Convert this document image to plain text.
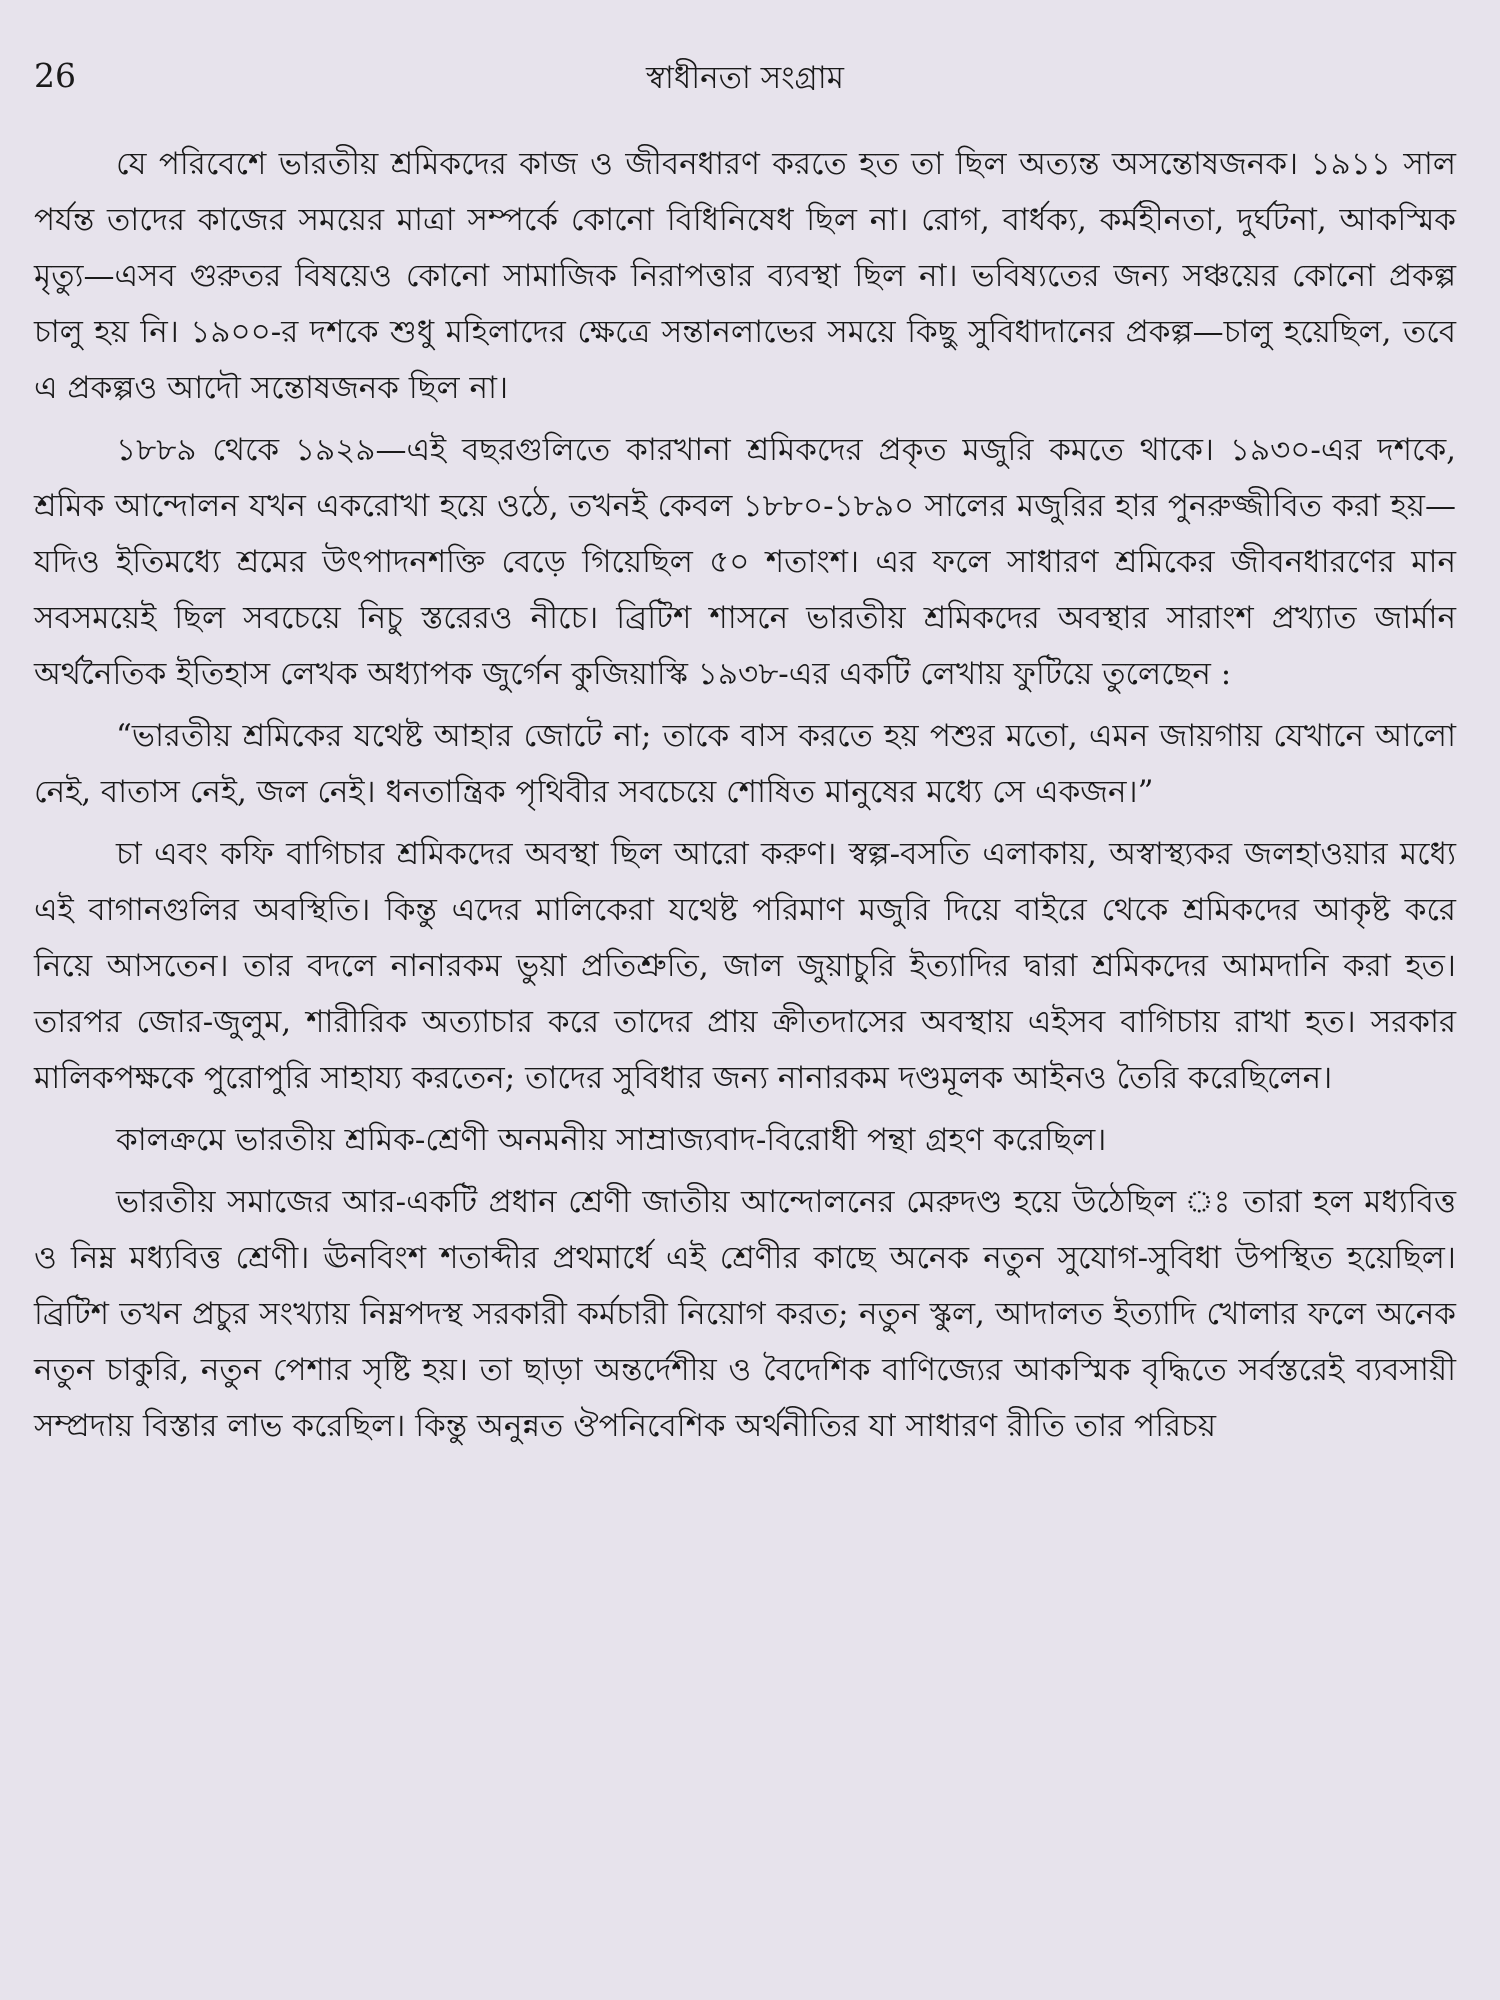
26	স্বাধীনতা সংগ্রাম

যে পরিবেশে ভারতীয় শ্রমিকদের কাজ ও জীবনধারণ করতে হত তা ছিল অত্যন্ত অসন্তোষজনক। ১৯১১ সাল পর্যন্ত তাদের কাজের সময়ের মাত্রা সম্পর্কে কোনো বিধিনিষেধ ছিল না। রোগ, বার্ধক্য, কর্মহীনতা, দুর্ঘটনা, আকস্মিক মৃত্যু—এসব গুরুতর বিষয়েও কোনো সামাজিক নিরাপত্তার ব্যবস্থা ছিল না। ভবিষ্যতের জন্য সঞ্চয়ের কোনো প্রকল্প চালু হয় নি। ১৯০০-র দশকে শুধু মহিলাদের ক্ষেত্রে সন্তানলাভের সময়ে কিছু সুবিধাদানের প্রকল্প—চালু হয়েছিল, তবে এ প্রকল্পও আদৌ সন্তোষজনক ছিল না।

১৮৮৯ থেকে ১৯২৯—এই বছরগুলিতে কারখানা শ্রমিকদের প্রকৃত মজুরি কমতে থাকে। ১৯৩০-এর দশকে, শ্রমিক আন্দোলন যখন একরোখা হয়ে ওঠে, তখনই কেবল ১৮৮০-১৮৯০ সালের মজুরির হার পুনরুজ্জীবিত করা হয়—যদিও ইতিমধ্যে শ্রমের উৎপাদনশক্তি বেড়ে গিয়েছিল ৫০ শতাংশ। এর ফলে সাধারণ শ্রমিকের জীবনধারণের মান সবসময়েই ছিল সবচেয়ে নিচু স্তরেরও নীচে। ব্রিটিশ শাসনে ভারতীয় শ্রমিকদের অবস্থার সারাংশ প্রখ্যাত জার্মান অর্থনৈতিক ইতিহাস লেখক অধ্যাপক জুর্গেন কুজিয়াস্কি ১৯৩৮-এর একটি লেখায় ফুটিয়ে তুলেছেন :

“ভারতীয় শ্রমিকের যথেষ্ট আহার জোটে না; তাকে বাস করতে হয় পশুর মতো, এমন জায়গায় যেখানে আলো নেই, বাতাস নেই, জল নেই। ধনতান্ত্রিক পৃথিবীর সবচেয়ে শোষিত মানুষের মধ্যে সে একজন।”

চা এবং কফি বাগিচার শ্রমিকদের অবস্থা ছিল আরো করুণ। স্বল্প-বসতি এলাকায়, অস্বাস্থ্যকর জলহাওয়ার মধ্যে এই বাগানগুলির অবস্থিতি। কিন্তু এদের মালিকেরা যথেষ্ট পরিমাণ মজুরি দিয়ে বাইরে থেকে শ্রমিকদের আকৃষ্ট করে নিয়ে আসতেন। তার বদলে নানারকম ভুয়া প্রতিশ্রুতি, জাল জুয়াচুরি ইত্যাদির দ্বারা শ্রমিকদের আমদানি করা হত। তারপর জোর-জুলুম, শারীরিক অত্যাচার করে তাদের প্রায় ক্রীতদাসের অবস্থায় এইসব বাগিচায় রাখা হত। সরকার মালিকপক্ষকে পুরোপুরি সাহায্য করতেন; তাদের সুবিধার জন্য নানারকম দণ্ডমূলক আইনও তৈরি করেছিলেন।

কালক্রমে ভারতীয় শ্রমিক-শ্রেণী অনমনীয় সাম্রাজ্যবাদ-বিরোধী পন্থা গ্রহণ করেছিল।

ভারতীয় সমাজের আর-একটি প্রধান শ্রেণী জাতীয় আন্দোলনের মেরুদণ্ড হয়ে উঠেছিল ঃ তারা হল মধ্যবিত্ত ও নিম্ন মধ্যবিত্ত শ্রেণী। ঊনবিংশ শতাব্দীর প্রথমার্ধে এই শ্রেণীর কাছে অনেক নতুন সুযোগ-সুবিধা উপস্থিত হয়েছিল। ব্রিটিশ তখন প্রচুর সংখ্যায় নিম্নপদস্থ সরকারী কর্মচারী নিয়োগ করত; নতুন স্কুল, আদালত ইত্যাদি খোলার ফলে অনেক নতুন চাকুরি, নতুন পেশার সৃষ্টি হয়। তা ছাড়া অন্তর্দেশীয় ও বৈদেশিক বাণিজ্যের আকস্মিক বৃদ্ধিতে সর্বস্তরেই ব্যবসায়ী সম্প্রদায় বিস্তার লাভ করেছিল। কিন্তু অনুন্নত ঔপনিবেশিক অর্থনীতির যা সাধারণ রীতি তার পরিচয়
